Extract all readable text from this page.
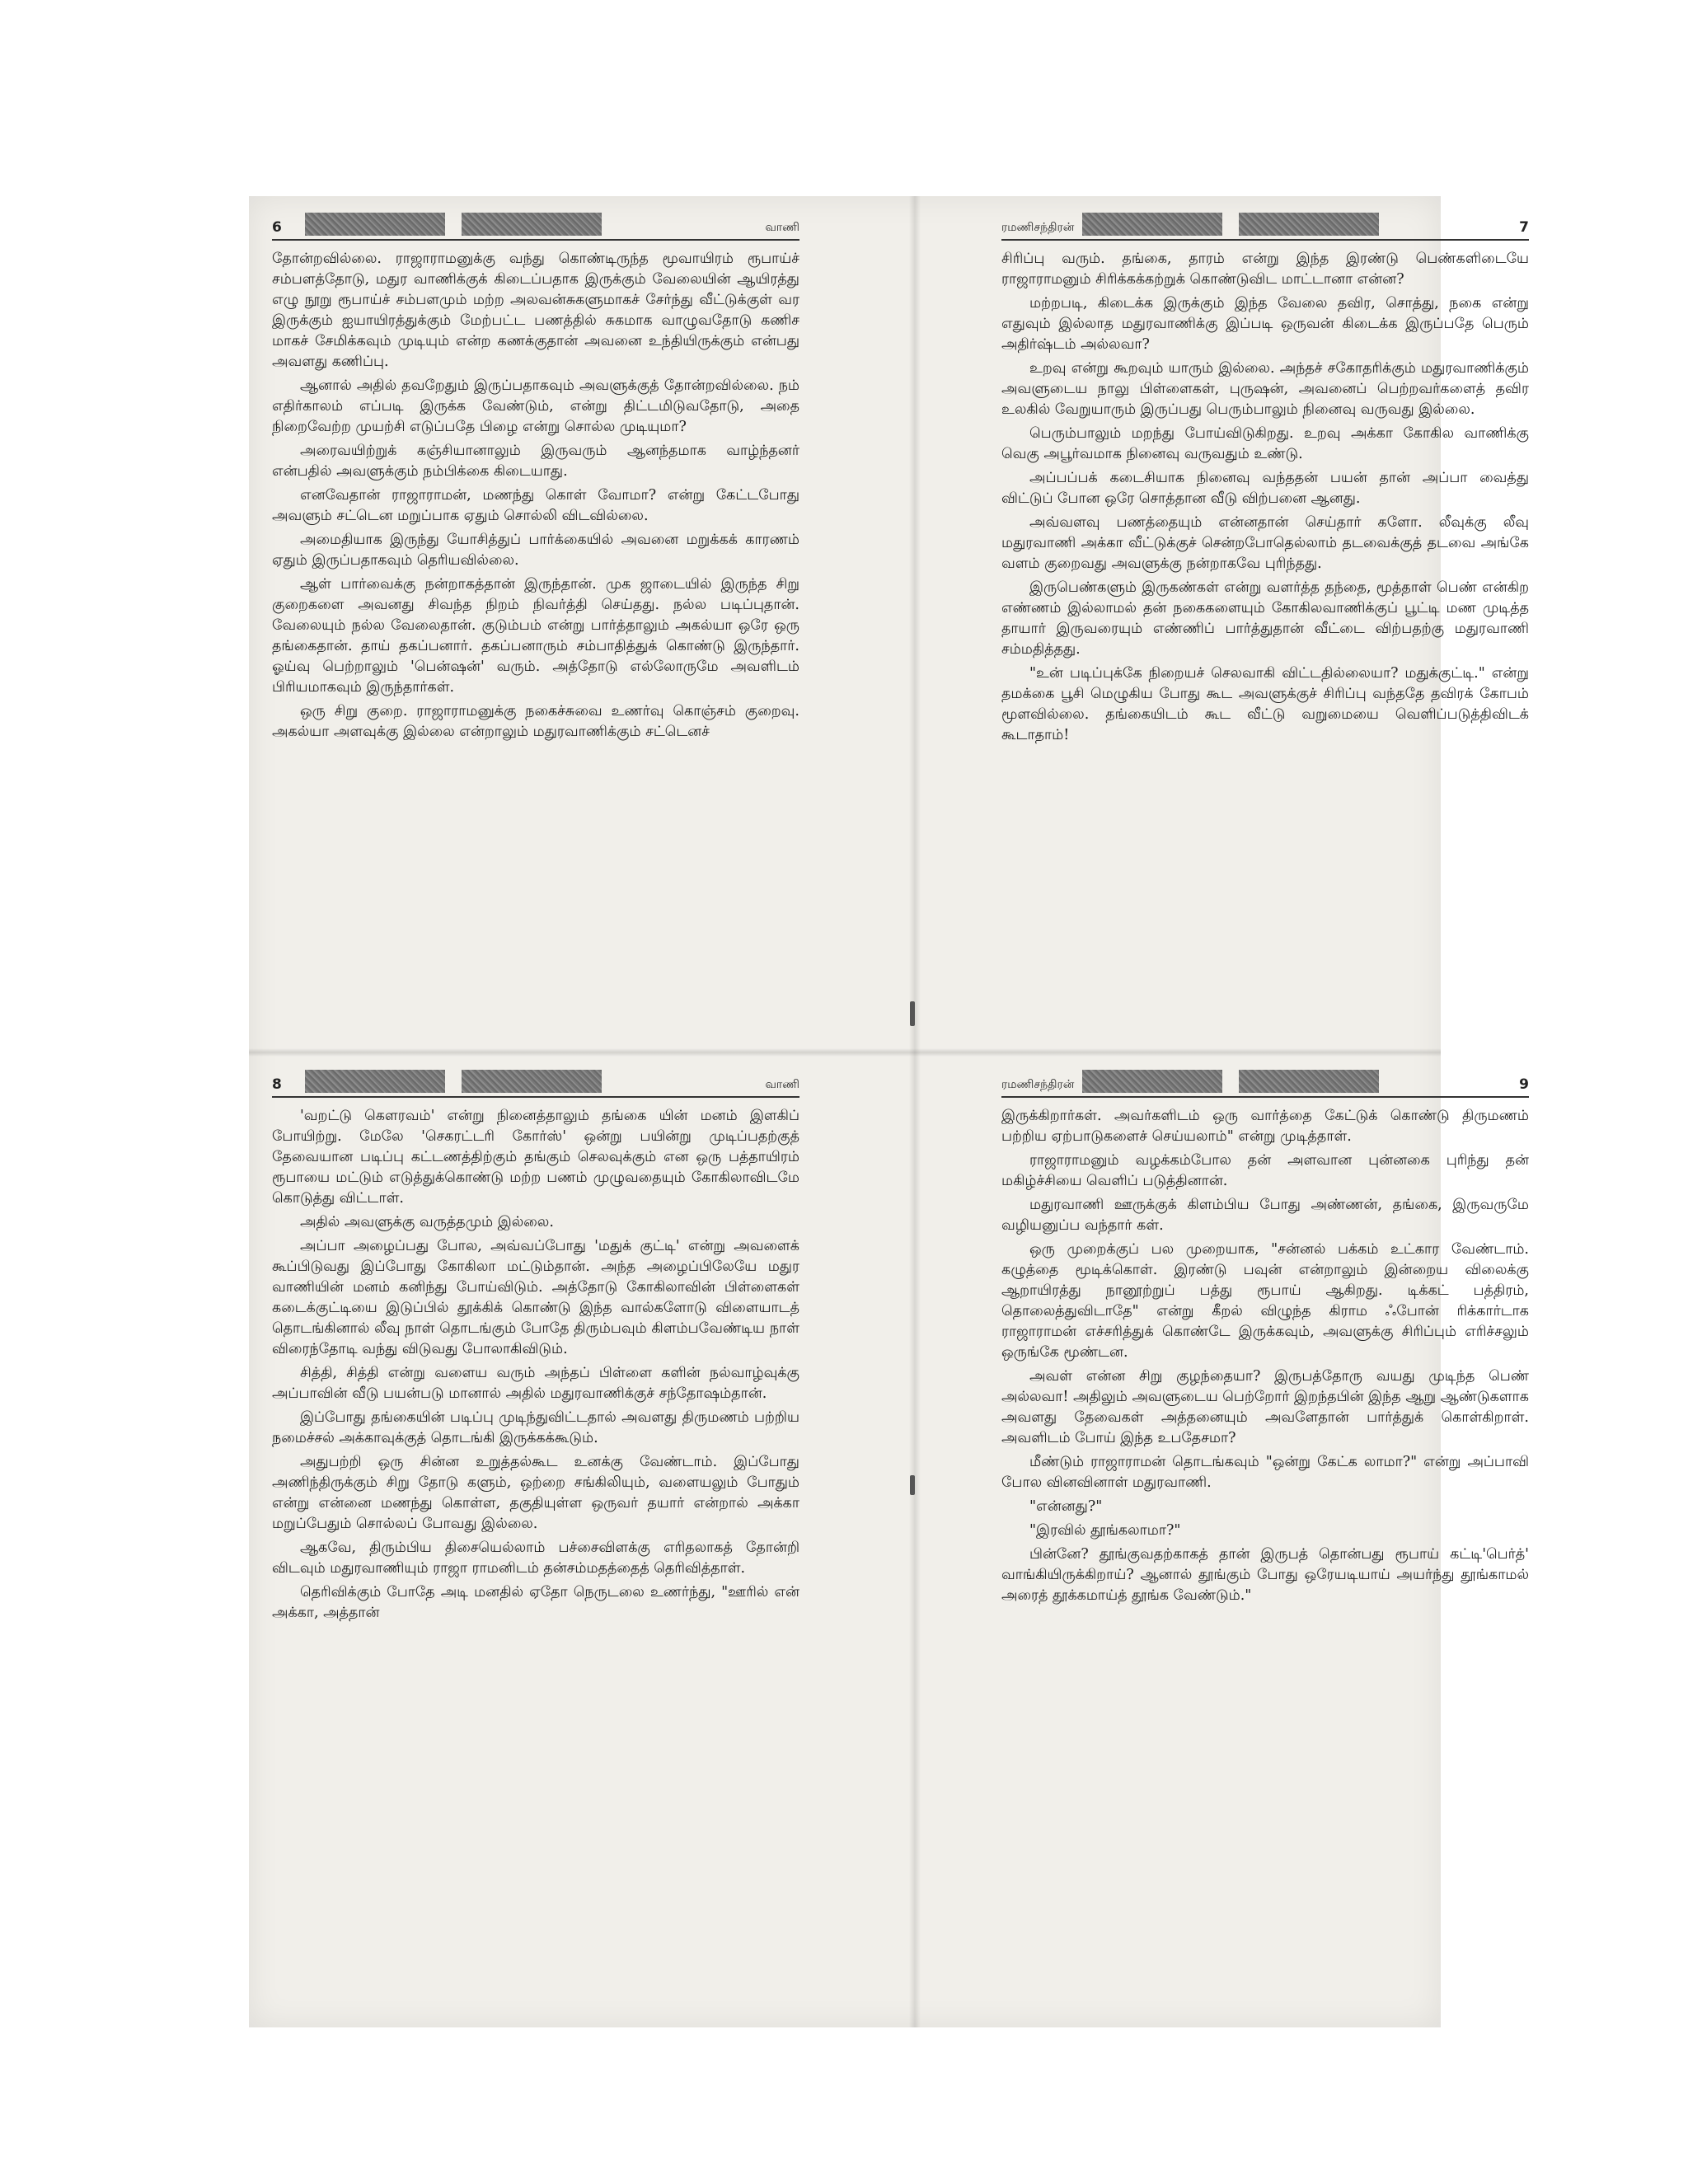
6	வாணி

தோன்றவில்லை. ராஜாராமனுக்கு வந்து கொண்டிருந்த மூவாயிரம் ரூபாய்ச் சம்பளத்தோடு, மதுர வாணிக்குக் கிடைப்பதாக இருக்கும் வேலையின் ஆயிரத்து எழு நூறு ரூபாய்ச் சம்பளமும் மற்ற அலவன்சுகளுமாகச் சேர்ந்து வீட்டுக்குள் வர இருக்கும் ஐயாயிரத்துக்கும் மேற்பட்ட பணத்தில் சுகமாக வாழுவதோடு கணிச மாகச் சேமிக்கவும் முடியும் என்ற கணக்குதான் அவனை உந்தியிருக்கும் என்பது அவளது கணிப்பு.

ஆனால் அதில் தவறேதும் இருப்பதாகவும் அவளுக்குத் தோன்றவில்லை. நம் எதிர்காலம் எப்படி இருக்க வேண்டும், என்று திட்டமிடுவதோடு, அதை நிறைவேற்ற முயற்சி எடுப்பதே பிழை என்று சொல்ல முடியுமா?

அரைவயிற்றுக் கஞ்சியானாலும் இருவரும் ஆனந்தமாக வாழ்ந்தனர் என்பதில் அவளுக்கும் நம்பிக்கை கிடையாது.

எனவேதான் ராஜாராமன், மணந்து கொள் வோமா? என்று கேட்டபோது அவளும் சட்டென மறுப்பாக ஏதும் சொல்லி விடவில்லை.

அமைதியாக இருந்து யோசித்துப் பார்க்கையில் அவனை மறுக்கக் காரணம் ஏதும் இருப்பதாகவும் தெரியவில்லை.

ஆள் பார்வைக்கு நன்றாகத்தான் இருந்தான். முக ஜாடையில் இருந்த சிறு குறைகளை அவனது சிவந்த நிறம் நிவர்த்தி செய்தது. நல்ல படிப்புதான். வேலையும் நல்ல வேலைதான். குடும்பம் என்று பார்த்தாலும் அகல்யா ஒரே ஒரு தங்கைதான். தாய் தகப்பனார். தகப்பனாரும் சம்பாதித்துக் கொண்டு இருந்தார். ஓய்வு பெற்றாலும் 'பென்ஷன்' வரும். அத்தோடு எல்லோருமே அவளிடம் பிரியமாகவும் இருந்தார்கள்.

ஒரு சிறு குறை. ராஜாராமனுக்கு நகைச்சுவை உணர்வு கொஞ்சம் குறைவு. அகல்யா அளவுக்கு இல்லை என்றாலும் மதுரவாணிக்கும் சட்டெனச்

ரமணிசந்திரன்	7

சிரிப்பு வரும். தங்கை, தாரம் என்று இந்த இரண்டு பெண்களிடையே ராஜாராமனும் சிரிக்கக்கற்றுக் கொண்டுவிட மாட்டானா என்ன?

மற்றபடி, கிடைக்க இருக்கும் இந்த வேலை தவிர, சொத்து, நகை என்று எதுவும் இல்லாத மதுரவாணிக்கு இப்படி ஒருவன் கிடைக்க இருப்பதே பெரும் அதிர்ஷ்டம் அல்லவா?

உறவு என்று கூறவும் யாரும் இல்லை. அந்தச் சகோதரிக்கும் மதுரவாணிக்கும் அவளுடைய நாலு பிள்ளைகள், புருஷன், அவனைப் பெற்றவர்களைத் தவிர உலகில் வேறுயாரும் இருப்பது பெரும்பாலும் நினைவு வருவது இல்லை.

பெரும்பாலும் மறந்து போய்விடுகிறது. உறவு அக்கா கோகில வாணிக்கு வெகு அபூர்வமாக நினைவு வருவதும் உண்டு.

அப்பப்பக் கடைசியாக நினைவு வந்ததன் பயன் தான் அப்பா வைத்து விட்டுப் போன ஒரே சொத்தான வீடு விற்பனை ஆனது.

அவ்வளவு பணத்தையும் என்னதான் செய்தார் களோ. லீவுக்கு லீவு மதுரவாணி அக்கா வீட்டுக்குச் சென்றபோதெல்லாம் தடவைக்குத் தடவை அங்கே வளம் குறைவது அவளுக்கு நன்றாகவே புரிந்தது.

இருபெண்களும் இருகண்கள் என்று வளர்த்த தந்தை, மூத்தாள் பெண் என்கிற எண்ணம் இல்லாமல் தன் நகைகளையும் கோகிலவாணிக்குப் பூட்டி மண முடித்த தாயார் இருவரையும் எண்ணிப் பார்த்துதான் வீட்டை விற்பதற்கு மதுரவாணி சம்மதித்தது.

"உன் படிப்புக்கே நிறையச் செலவாகி விட்டதில்லையா? மதுக்குட்டி." என்று தமக்கை பூசி மெழுகிய போது கூட அவளுக்குச் சிரிப்பு வந்ததே தவிரக் கோபம் மூளவில்லை. தங்கையிடம் கூட வீட்டு வறுமையை வெளிப்படுத்திவிடக் கூடாதாம்!

8	வாணி

'வறட்டு கௌரவம்' என்று நினைத்தாலும் தங்கை யின் மனம் இளகிப் போயிற்று. மேலே 'செகரட்டரி கோர்ஸ்' ஒன்று பயின்று முடிப்பதற்குத் தேவையான படிப்பு கட்டணத்திற்கும் தங்கும் செலவுக்கும் என ஒரு பத்தாயிரம் ரூபாயை மட்டும் எடுத்துக்கொண்டு மற்ற பணம் முழுவதையும் கோகிலாவிடமே கொடுத்து விட்டாள்.

அதில் அவளுக்கு வருத்தமும் இல்லை.

அப்பா அழைப்பது போல, அவ்வப்போது 'மதுக் குட்டி' என்று அவளைக் கூப்பிடுவது இப்போது கோகிலா மட்டும்தான். அந்த அழைப்பிலேயே மதுர வாணியின் மனம் கனிந்து போய்விடும். அத்தோடு கோகிலாவின் பிள்ளைகள் கடைக்குட்டியை இடுப்பில் தூக்கிக் கொண்டு இந்த வால்களோடு விளையாடத் தொடங்கினால் லீவு நாள் தொடங்கும் போதே திரும்பவும் கிளம்பவேண்டிய நாள் விரைந்தோடி வந்து விடுவது போலாகிவிடும்.

சித்தி, சித்தி என்று வளைய வரும் அந்தப் பிள்ளை களின் நல்வாழ்வுக்கு அப்பாவின் வீடு பயன்படு மானால் அதில் மதுரவாணிக்குச் சந்தோஷம்தான்.

இப்போது தங்கையின் படிப்பு முடிந்துவிட்டதால் அவளது திருமணம் பற்றிய நமைச்சல் அக்காவுக்குத் தொடங்கி இருக்கக்கூடும்.

அதுபற்றி ஒரு சின்ன உறுத்தல்கூட உனக்கு வேண்டாம். இப்போது அணிந்திருக்கும் சிறு தோடு களும், ஒற்றை சங்கிலியும், வளையலும் போதும் என்று என்னை மணந்து கொள்ள, தகுதியுள்ள ஒருவர் தயார் என்றால் அக்கா மறுப்பேதும் சொல்லப் போவது இல்லை.

ஆகவே, திரும்பிய திசையெல்லாம் பச்சைவிளக்கு எரிதலாகத் தோன்றி விடவும் மதுரவாணியும் ராஜா ராமனிடம் தன்சம்மதத்தைத் தெரிவித்தாள்.

தெரிவிக்கும் போதே அடி மனதில் ஏதோ நெருடலை உணர்ந்து, "ஊரில் என் அக்கா, அத்தான்

ரமணிசந்திரன்	9

இருக்கிறார்கள். அவர்களிடம் ஒரு வார்த்தை கேட்டுக் கொண்டு திருமணம் பற்றிய ஏற்பாடுகளைச் செய்யலாம்" என்று முடித்தாள்.

ராஜாராமனும் வழக்கம்போல தன் அளவான புன்னகை புரிந்து தன் மகிழ்ச்சியை வெளிப் படுத்தினான்.

மதுரவாணி ஊருக்குக் கிளம்பிய போது அண்ணன், தங்கை, இருவருமே வழியனுப்ப வந்தார் கள்.

ஒரு முறைக்குப் பல முறையாக, "சன்னல் பக்கம் உட்கார வேண்டாம். கழுத்தை மூடிக்கொள். இரண்டு பவுன் என்றாலும் இன்றைய விலைக்கு ஆறாயிரத்து நானூற்றுப் பத்து ரூபாய் ஆகிறது. டிக்கட் பத்திரம், தொலைத்துவிடாதே" என்று கீறல் விழுந்த கிராம ஃபோன் ரிக்கார்டாக ராஜாராமன் எச்சரித்துக் கொண்டே இருக்கவும், அவளுக்கு சிரிப்பும் எரிச்சலும் ஒருங்கே மூண்டன.

அவள் என்ன சிறு குழந்தையா? இருபத்தோரு வயது முடிந்த பெண் அல்லவா! அதிலும் அவளுடைய பெற்றோர் இறந்தபின் இந்த ஆறு ஆண்டுகளாக அவளது தேவைகள் அத்தனையும் அவளேதான் பார்த்துக் கொள்கிறாள். அவளிடம் போய் இந்த உபதேசமா?

மீண்டும் ராஜாராமன் தொடங்கவும் "ஒன்று கேட்க லாமா?" என்று அப்பாவி போல வினவினாள் மதுரவாணி.

"என்னது?"

"இரவில் தூங்கலாமா?"

பின்னே? தூங்குவதற்காகத் தான் இருபத் தொன்பது ரூபாய் கட்டி'பெர்த்' வாங்கியிருக்கிறாய்? ஆனால் தூங்கும் போது ஒரேயடியாய் அயர்ந்து தூங்காமல் அரைத் தூக்கமாய்த் தூங்க வேண்டும்."
